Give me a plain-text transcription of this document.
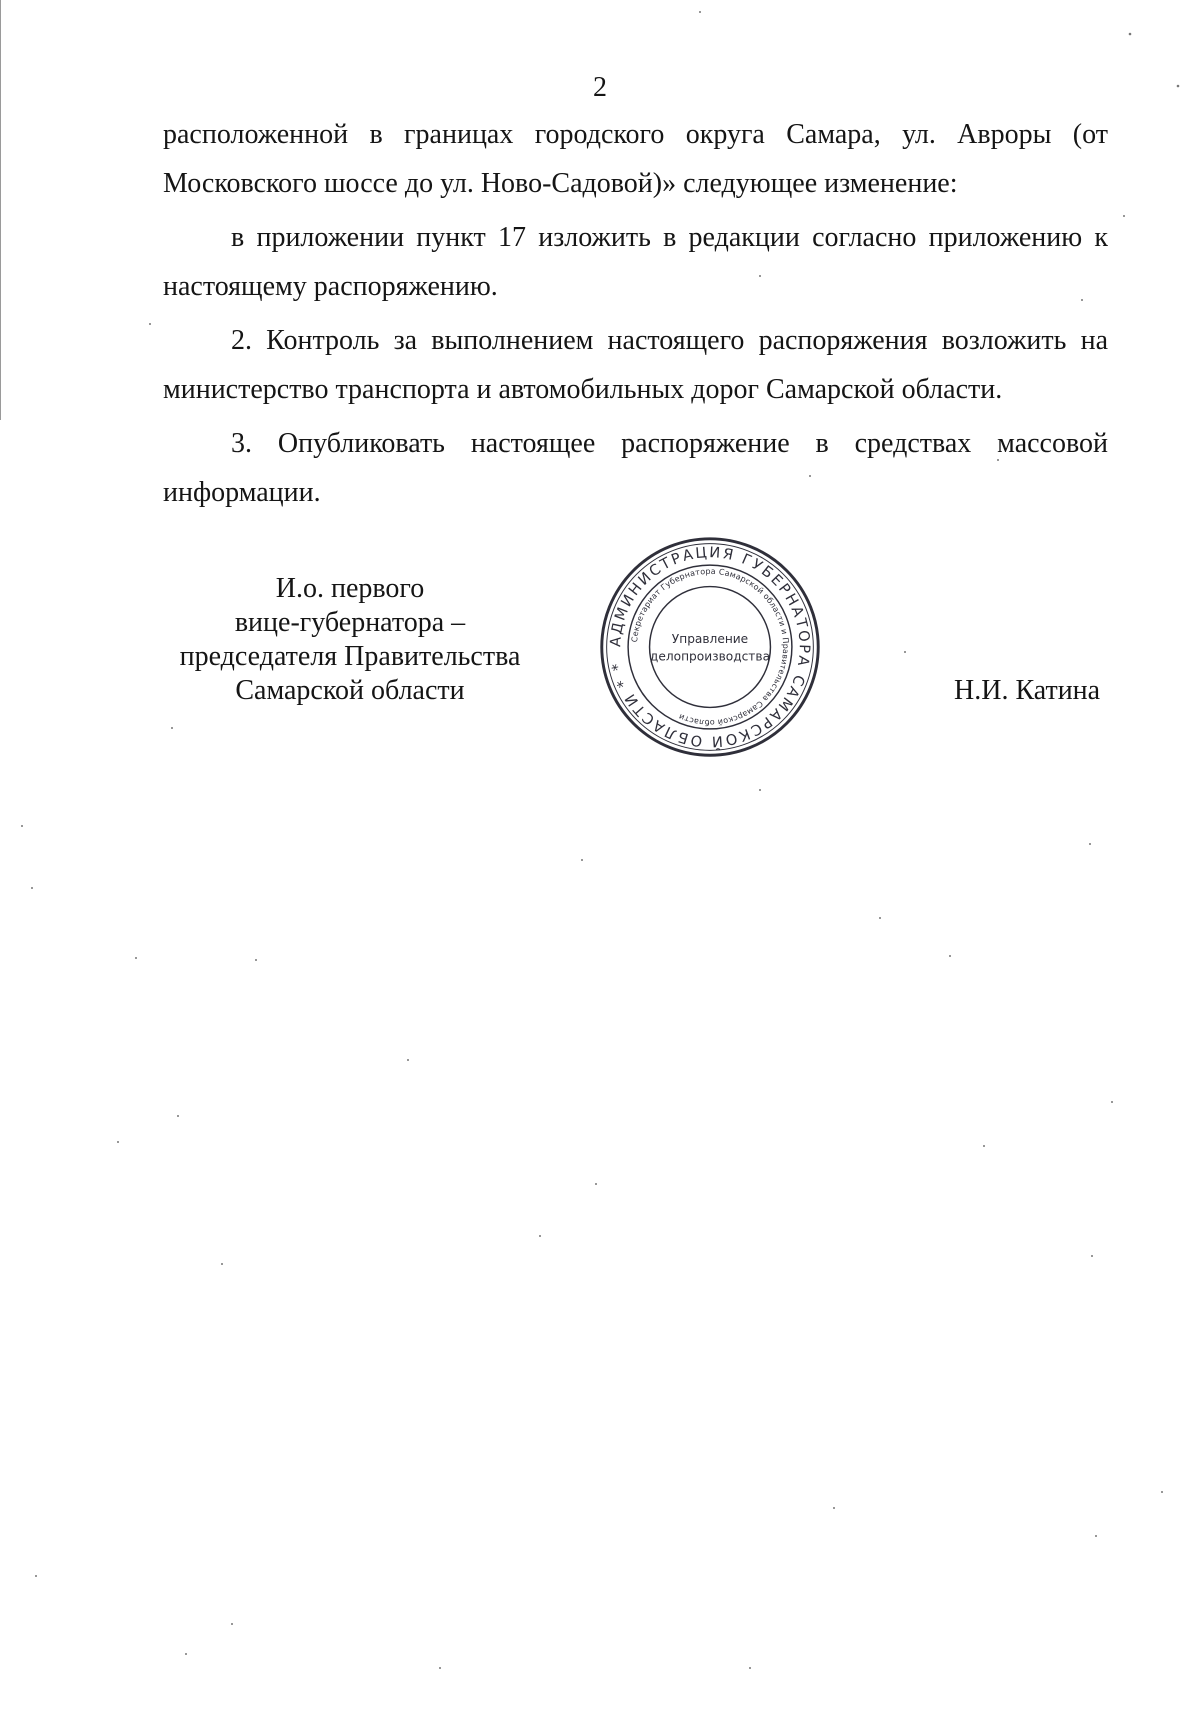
2

расположенной в границах городского округа Самара, ул. Авроры (от Московского шоссе до ул. Ново-Садовой)» следующее изменение:

в приложении пункт 17 изложить в редакции согласно приложению к настоящему распоряжению.

2. Контроль за выполнением настоящего распоряжения возложить на министерство транспорта и автомобильных дорог Самарской области.

3. Опубликовать настоящее распоряжение в средствах массовой информации.

И.о. первого
вице-губернатора –
председателя Правительства
Самарской области
АДМИНИСТРАЦИЯ ГУБЕРНАТОРА САМАРСКОЙ ОБЛАСТИ * *
Секретариат Губернатора Самарской области и Правительства Самарской области
Управление
делопроизводства
Н.И. Катина
